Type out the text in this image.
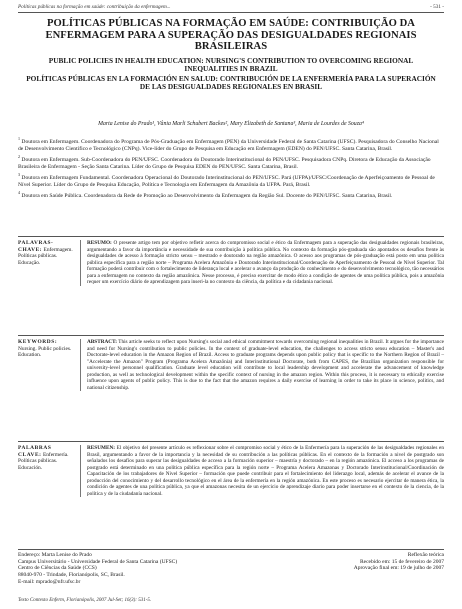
Políticas públicas na formação em saúde: contribuição da enfermagem...	- 531 -

POLÍTICAS PÚBLICAS NA FORMAÇÃO EM SAÚDE: CONTRIBUIÇÃO DA ENFERMAGEM PARA A SUPERAÇÃO DAS DESIGUALDADES REGIONAIS BRASILEIRAS

PUBLIC POLICIES IN HEALTH EDUCATION: NURSING'S CONTRIBUTION TO OVERCOMING REGIONAL INEQUALITIES IN BRAZIL

POLÍTICAS PÚBLICAS EN LA FORMACIÓN EN SALUD: CONTRIBUCIÓN DE LA ENFERMERÍA PARA LA SUPERACIÓN DE LAS DESIGUALDADES REGIONALES EN BRASIL

Marta Lenise do Prado¹, Vânia Marli Schubert Backes², Mary Elizabeth de Santana³, Maria de Lourdes de Souza⁴

$^1$ Doutora em Enfermagem. Coordenadora do Programa de Pós-Graduação em Enfermagem (PEN) da Universidade Federal de Santa Catarina (UFSC). Pesquisadora do Conselho Nacional de Desenvolvimento Científico e Tecnológico (CNPq). Vice-líder do Grupo de Pesquisa em Educação em Enfermagem (EDEN) do PEN/UFSC. Santa Catarina, Brasil.

$^2$ Doutora em Enfermagem. Sub-Coordenadora do PEN/UFSC. Coordenadora do Doutorado Interinstitucional do PEN/UFSC. Pesquisadora CNPq. Diretora de Educação da Associação Brasileira de Enfermagem - Seção Santa Catarina. Líder do Grupo de Pesquisa EDEN do PEN/UFSC. Santa Catarina, Brasil.

$^3$ Doutora em Enfermagem Fundamental. Coordenadora Operacional do Doutorado Interinstitucional do PEN/UFSC. Pará (UFPA)/UFSC/Coordenação de Aperfeiçoamento de Pessoal de Nível Superior. Líder do Grupo de Pesquisa Educação, Política e Tecnologia em Enfermagem da Amazônia da UFPA. Pará, Brasil.

$^4$ Doutora em Saúde Pública. Coordenadora da Rede de Promoção ao Desenvolvimento da Enfermagem da Região Sul. Docente do PEN/UFSC. Santa Catarina, Brasil.

PALAVRAS-CHAVE: Enfermagem. Políticas públicas. Educação.
RESUMO: O presente artigo tem por objetivo refletir acerca do compromisso social e ético da Enfermagem para a superação das desigualdades regionais brasileiras, argumentando a favor da importância e necessidade de sua contribuição à política pública. No contexto da formação pós-graduada são apontados os desafios frente às desigualdades de acesso à formação stricto sensu – mestrado e doutorado na região amazônica. O acesso aos programas de pós-graduação está posto em uma política pública específica para a região norte – Programa Acelera Amazônia e Doutorado Interinstitucional/Coordenação de Aperfeiçoamento de Pessoal de Nível Superior. Tal formação poderá contribuir com o fortalecimento de liderança local e acelerar o avanço da produção do conhecimento e do desenvolvimento tecnológico, tão necessários para a enfermagem no contexto da região amazônica. Nesse processo, é preciso exercitar de modo ético a condição de agentes de uma política pública, pois a amazônia requer um exercício diário de aprendizagem para inseri-la no contexto da ciência, da política e da cidadania nacional.
KEYWORDS: Nursing. Public policies. Education.
ABSTRACT: This article seeks to reflect upon Nursing's social and ethical commitment towards overcoming regional inequalities in Brazil. It argues for the importance and need for Nursing's contribution to public policies. In the context of graduate-level education, the challenges to access stricto sensu education – Master's and Doctorate-level education in the Amazon Region of Brazil. Access to graduate programs depends upon public policy that is specific to the Northern Region of Brazil – "Accelerate the Amazon" Program (Programa Acelera Amazônia) and Interinstitutional Doctorate, both from CAPES, the Brazilian organization responsible for university-level personnel qualification. Graduate level education will contribute to local leadership development and accelerate the advancement of knowledge production, as well as technological development within the specific context of nursing in the amazon region. Within this process, it is necessary to ethically exercise influence upon agents of public policy. This is due to the fact that the amazon requires a daily exercise of learning in order to take its place in science, politics, and national citizenship.
PALABRAS CLAVE: Enfermería. Políticas públicas. Educación.
RESUMEN: El objetivo del presente artículo es reflexionar sobre el compromiso social y ético de la Enfermería para la superación de las desigualdades regionales en Brasil, argumentando a favor de la importancia y la necesidad de su contribución a las políticas públicas. En el contexto de la formación a nivel de postgrado son señalados los desafíos para superar las desigualdades de acceso a la formación superior – maestría y doctorado – en la región amazónica. El acceso a los programas de postgrado está determinado en una política pública específica para la región norte – Programa Acelera Amazonas y Doctorado Interinstitucional/Coordinación de Capacitación de los trabajadores de Nivel Superior – formación que puede contribuir para el fortalecimiento del liderazgo local, además de acelerar el avance de la producción del conocimiento y del desarrollo tecnológico en el área de la enfermería en la región amazónica. En este proceso es necesario ejercitar de manera ética, la condición de agentes de una política pública, ya que el amazonas necesita de un ejercicio de aprendizaje diario para poder insertarse en el contexto de la ciencia, de la política y de la ciudadanía nacional.
Endereço: Marta Lenise do Prado
Campus Universitário - Universidade Federal de Santa Catarina (UFSC)
Centro de Ciências da Saúde (CCS)
88040-970 - Trindade, Florianópolis, SC, Brasil.
E-mail: mprado@nfr.ufsc.br
Reflexão teórica
Recebido em: 15 de fevereiro de 2007
Aprovação final em: 19 de julho de 2007
Texto Contexto Enferm, Florianópolis, 2007 Jul-Set; 16(3): 531-5.
